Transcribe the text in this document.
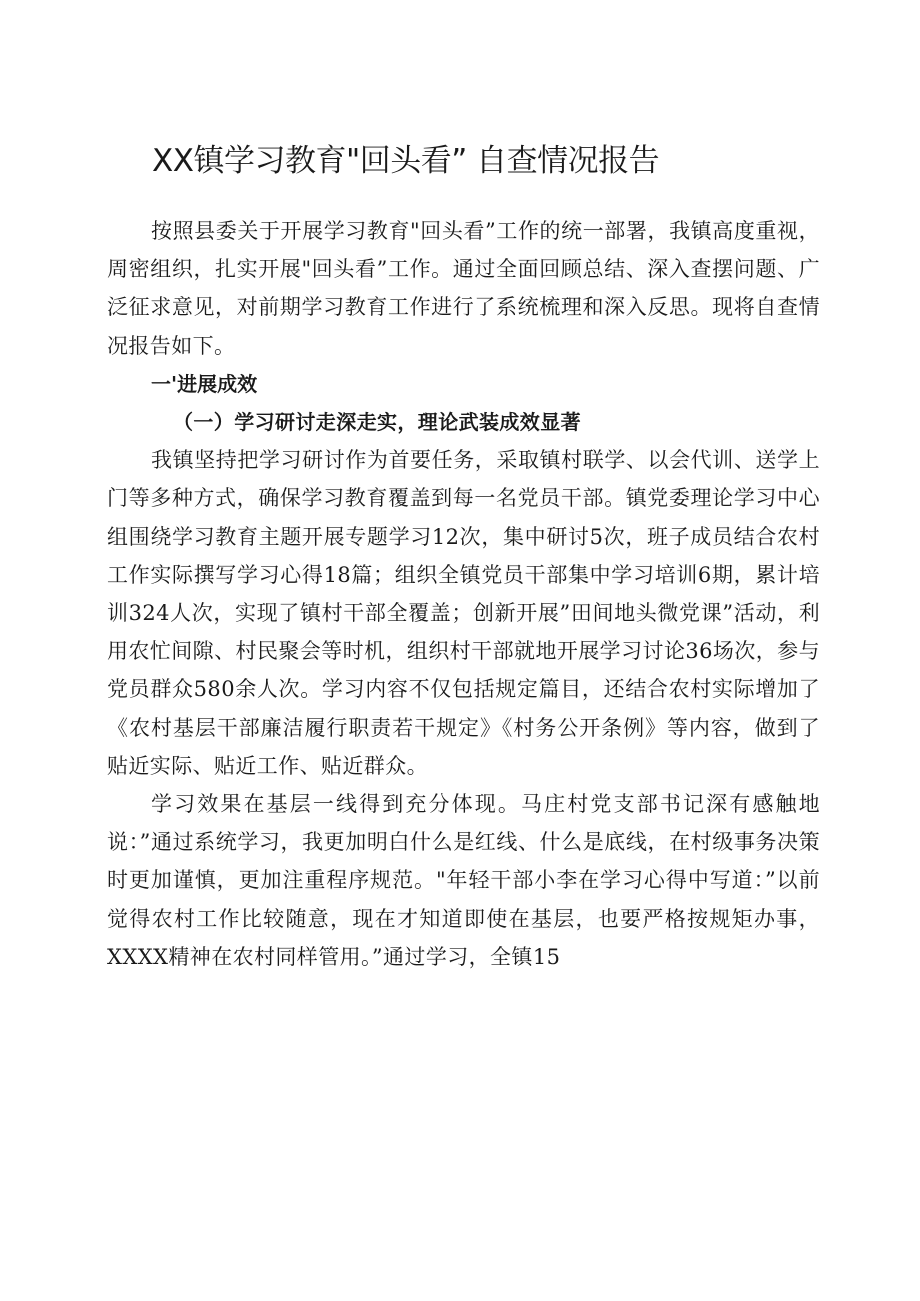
XX镇学习教育"回头看” 自查情况报告

按照县委关于开展学习教育"回头看”工作的统一部署，我镇高度重视，周密组织，扎实开展"回头看”工作。通过全面回顾总结、深入查摆问题、广泛征求意见，对前期学习教育工作进行了系统梳理和深入反思。现将自查情况报告如下。

一'进展成效
（一）学习研讨走深走实，理论武装成效显著

我镇坚持把学习研讨作为首要任务，采取镇村联学、以会代训、送学上门等多种方式，确保学习教育覆盖到每一名党员干部。镇党委理论学习中心组围绕学习教育主题开展专题学习12次，集中研讨5次，班子成员结合农村工作实际撰写学习心得18篇；组织全镇党员干部集中学习培训6期，累计培训324人次，实现了镇村干部全覆盖；创新开展”田间地头微党课”活动，利用农忙间隙、村民聚会等时机，组织村干部就地开展学习讨论36场次，参与党员群众580余人次。学习内容不仅包括规定篇目，还结合农村实际增加了《农村基层干部廉洁履行职责若干规定》《村务公开条例》等内容，做到了贴近实际、贴近工作、贴近群众。

学习效果在基层一线得到充分体现。马庄村党支部书记深有感触地说：”通过系统学习，我更加明白什么是红线、什么是底线，在村级事务决策时更加谨慎，更加注重程序规范。"年轻干部小李在学习心得中写道：”以前觉得农村工作比较随意，现在才知道即使在基层，也要严格按规矩办事，XXXX精神在农村同样管用。”通过学习，全镇15
